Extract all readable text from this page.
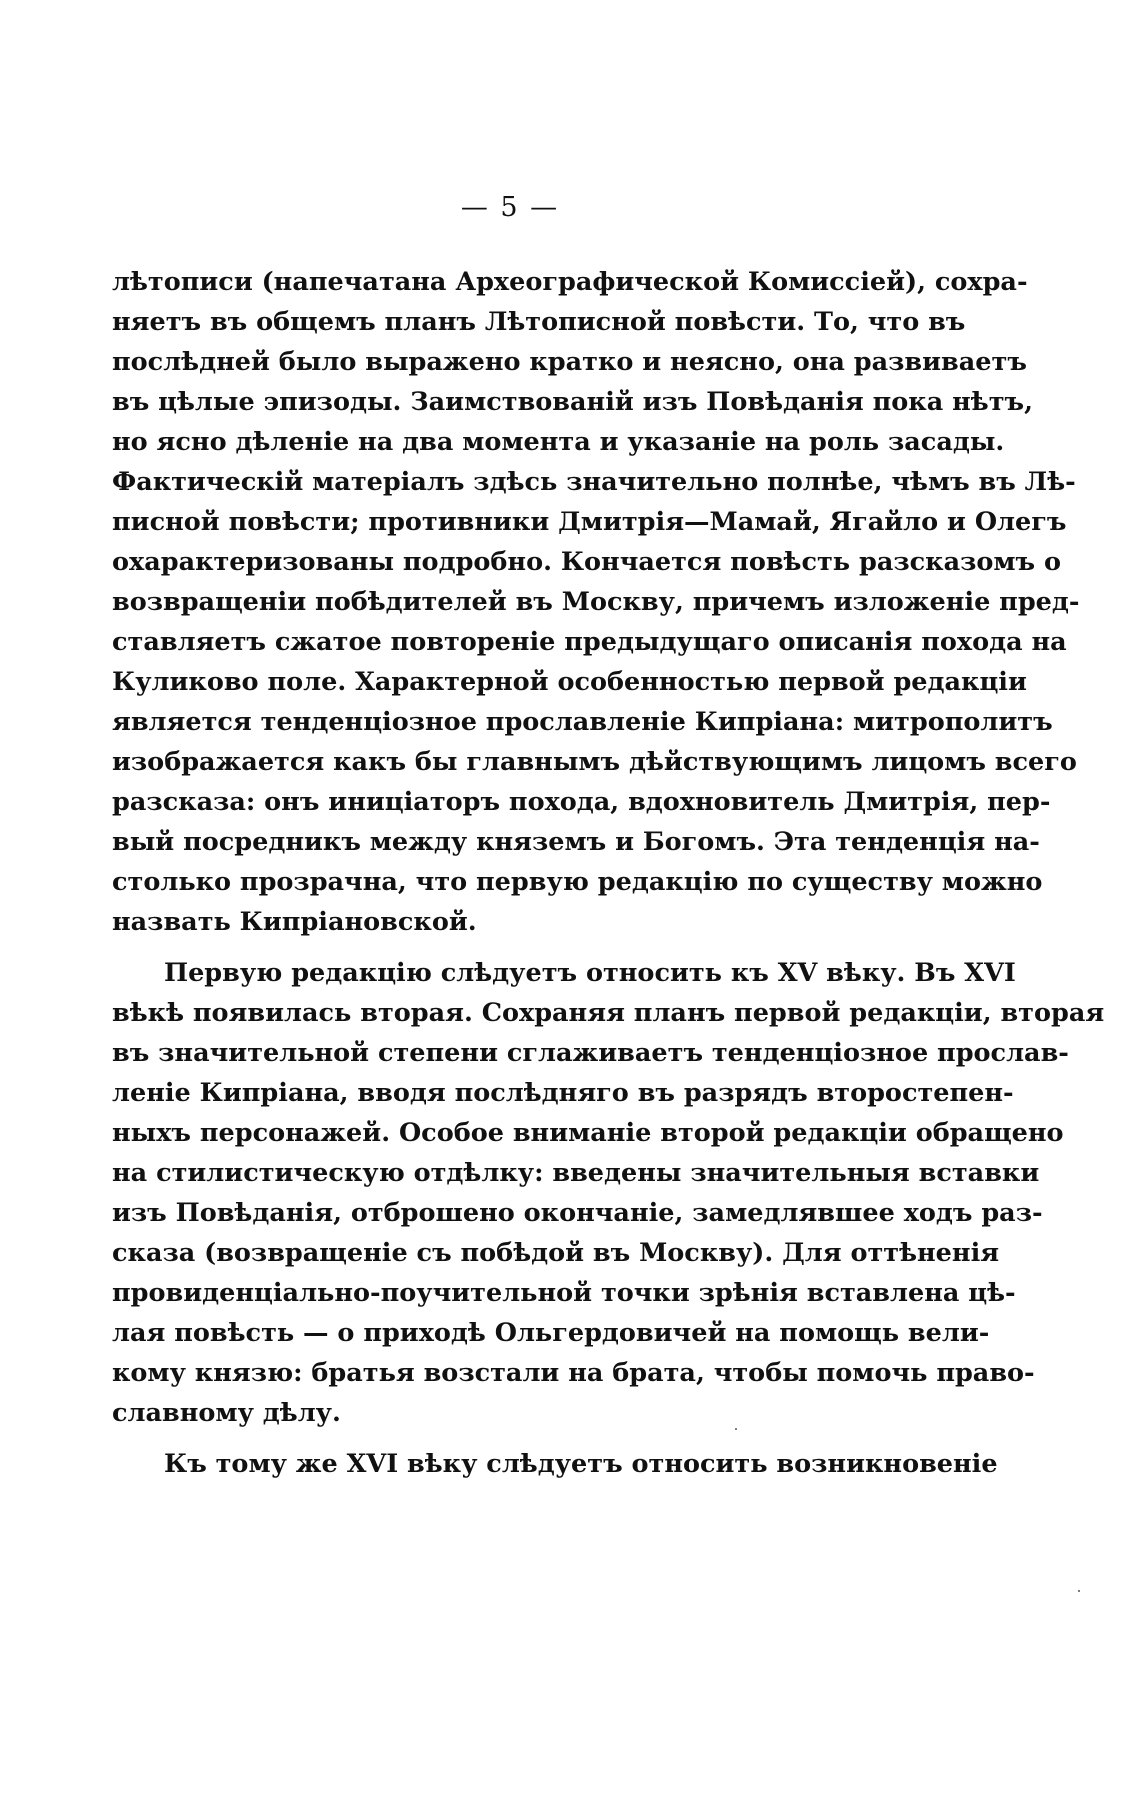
— 5 —
лѣтописи (напечатана Археографической Комиссіей), сохра-
няетъ въ общемъ планъ Лѣтописной повѣсти. То, что въ
послѣдней было выражено кратко и неясно, она развиваетъ
въ цѣлые эпизоды. Заимствованій изъ Повѣданія пока нѣтъ,
но ясно дѣленіе на два момента и указаніе на роль засады.
Фактическій матеріалъ здѣсь значительно полнѣе, чѣмъ въ Лѣ-
писной повѣсти; противники Дмитрія—Мамай, Ягайло и Олегъ
охарактеризованы подробно. Кончается повѣсть разсказомъ о
возвращеніи побѣдителей въ Москву, причемъ изложеніе пред-
ставляетъ сжатое повтореніе предыдущаго описанія похода на
Куликово поле. Характерной особенностью первой редакціи
является тенденціозное прославленіе Кипріана: митрополитъ
изображается какъ бы главнымъ дѣйствующимъ лицомъ всего
разсказа: онъ иниціаторъ похода, вдохновитель Дмитрія, пер-
вый посредникъ между княземъ и Богомъ. Эта тенденція на-
столько прозрачна, что первую редакцію по существу можно
назвать Кипріановской.
Первую редакцію слѣдуетъ относить къ XV вѣку. Въ XVI
вѣкѣ появилась вторая. Сохраняя планъ первой редакціи, вторая
въ значительной степени сглаживаетъ тенденціозное прослав-
леніе Кипріана, вводя послѣдняго въ разрядъ второстепен-
ныхъ персонажей. Особое вниманіе второй редакціи обращено
на стилистическую отдѣлку: введены значительныя вставки
изъ Повѣданія, отброшено окончаніе, замедлявшее ходъ раз-
сказа (возвращеніе съ побѣдой въ Москву). Для оттѣненія
провиденціально-поучительной точки зрѣнія вставлена цѣ-
лая повѣсть — о приходѣ Ольгердовичей на помощь вели-
кому князю: братья возстали на брата, чтобы помочь право-
славному дѣлу.
Къ тому же XVI вѣку слѣдуетъ относить возникновеніе
